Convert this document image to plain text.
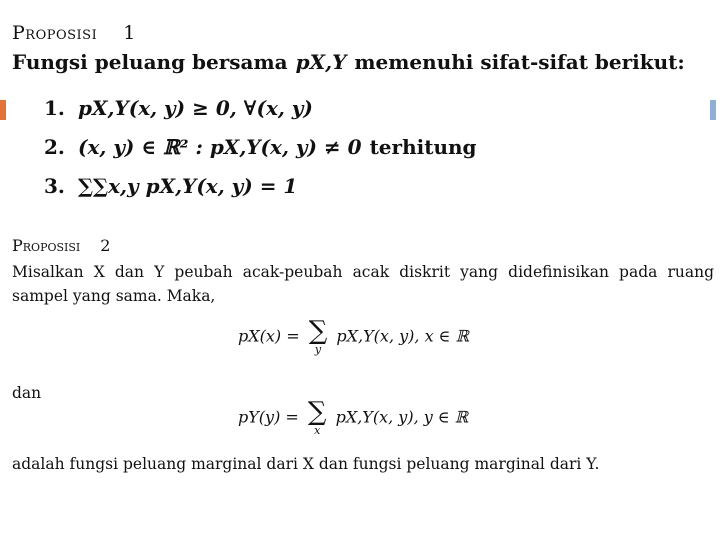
Proposisi 1
Fungsi peluang bersama pX,Y memenuhi sifat-sifat berikut:
1. pX,Y(x, y) ≥ 0, ∀(x, y)
2. (x, y) ∈ ℝ² : pX,Y(x, y) ≠ 0 terhitung
3. ∑∑x,y pX,Y(x, y) = 1
Proposisi 2
Misalkan X dan Y peubah acak-peubah acak diskrit yang didefinisikan pada ruang sampel yang sama. Maka,
pX(x) = ∑
y
pX,Y(x, y), x ∈ ℝ
dan
pY(y) = ∑
x
pX,Y(x, y), y ∈ ℝ
adalah fungsi peluang marginal dari X dan fungsi peluang marginal dari Y.
